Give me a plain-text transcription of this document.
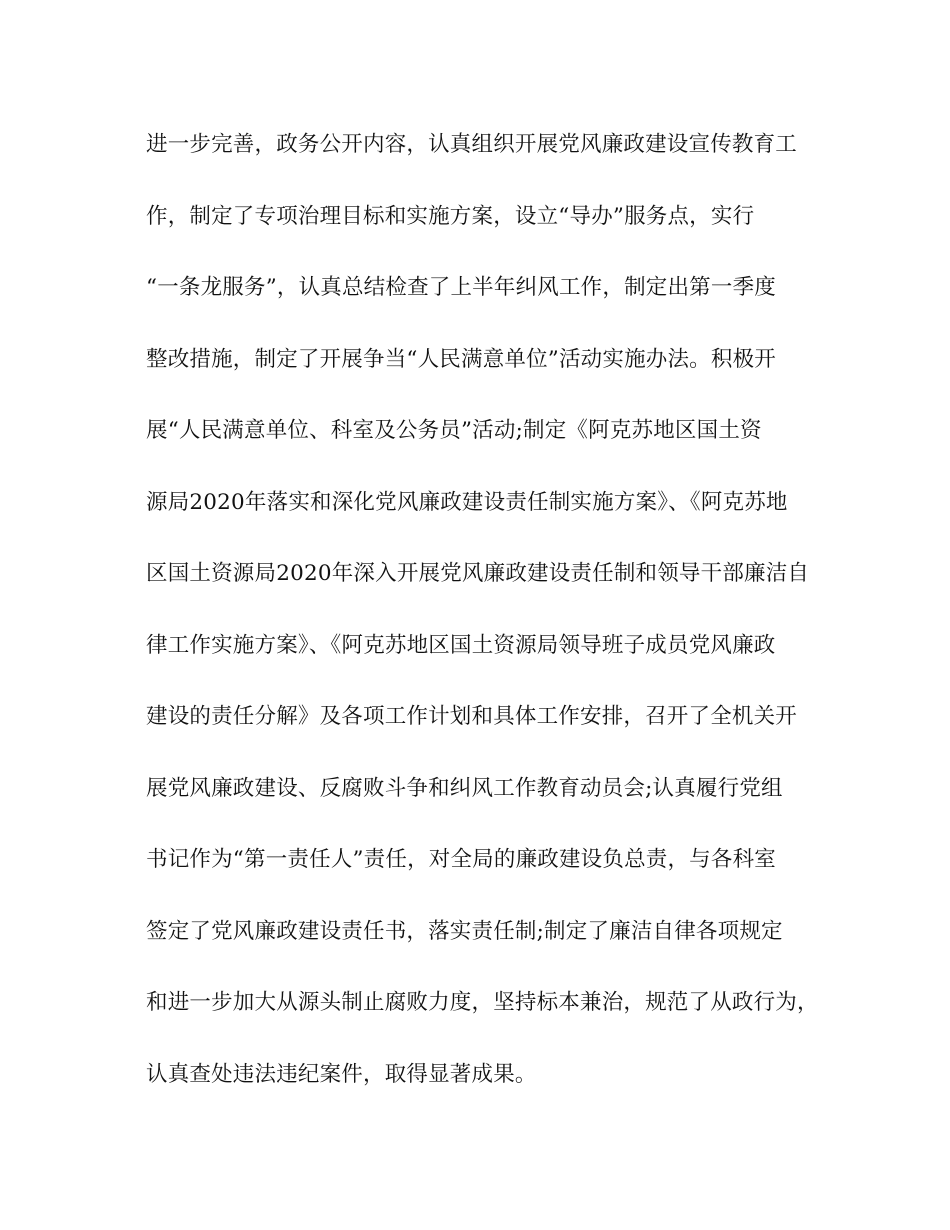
进一步完善，政务公开内容，认真组织开展党风廉政建设宣传教育工
作，制定了专项治理目标和实施方案，设立“导办”服务点，实行
“一条龙服务”，认真总结检查了上半年纠风工作，制定出第一季度
整改措施，制定了开展争当“人民满意单位”活动实施办法。积极开
展“人民满意单位、科室及公务员”活动;制定《阿克苏地区国土资
源局2020年落实和深化党风廉政建设责任制实施方案》、《阿克苏地
区国土资源局2020年深入开展党风廉政建设责任制和领导干部廉洁自
律工作实施方案》、《阿克苏地区国土资源局领导班子成员党风廉政
建设的责任分解》及各项工作计划和具体工作安排，召开了全机关开
展党风廉政建设、反腐败斗争和纠风工作教育动员会;认真履行党组
书记作为“第一责任人”责任，对全局的廉政建设负总责，与各科室
签定了党风廉政建设责任书，落实责任制;制定了廉洁自律各项规定
和进一步加大从源头制止腐败力度，坚持标本兼治，规范了从政行为，
认真查处违法违纪案件，取得显著成果。
